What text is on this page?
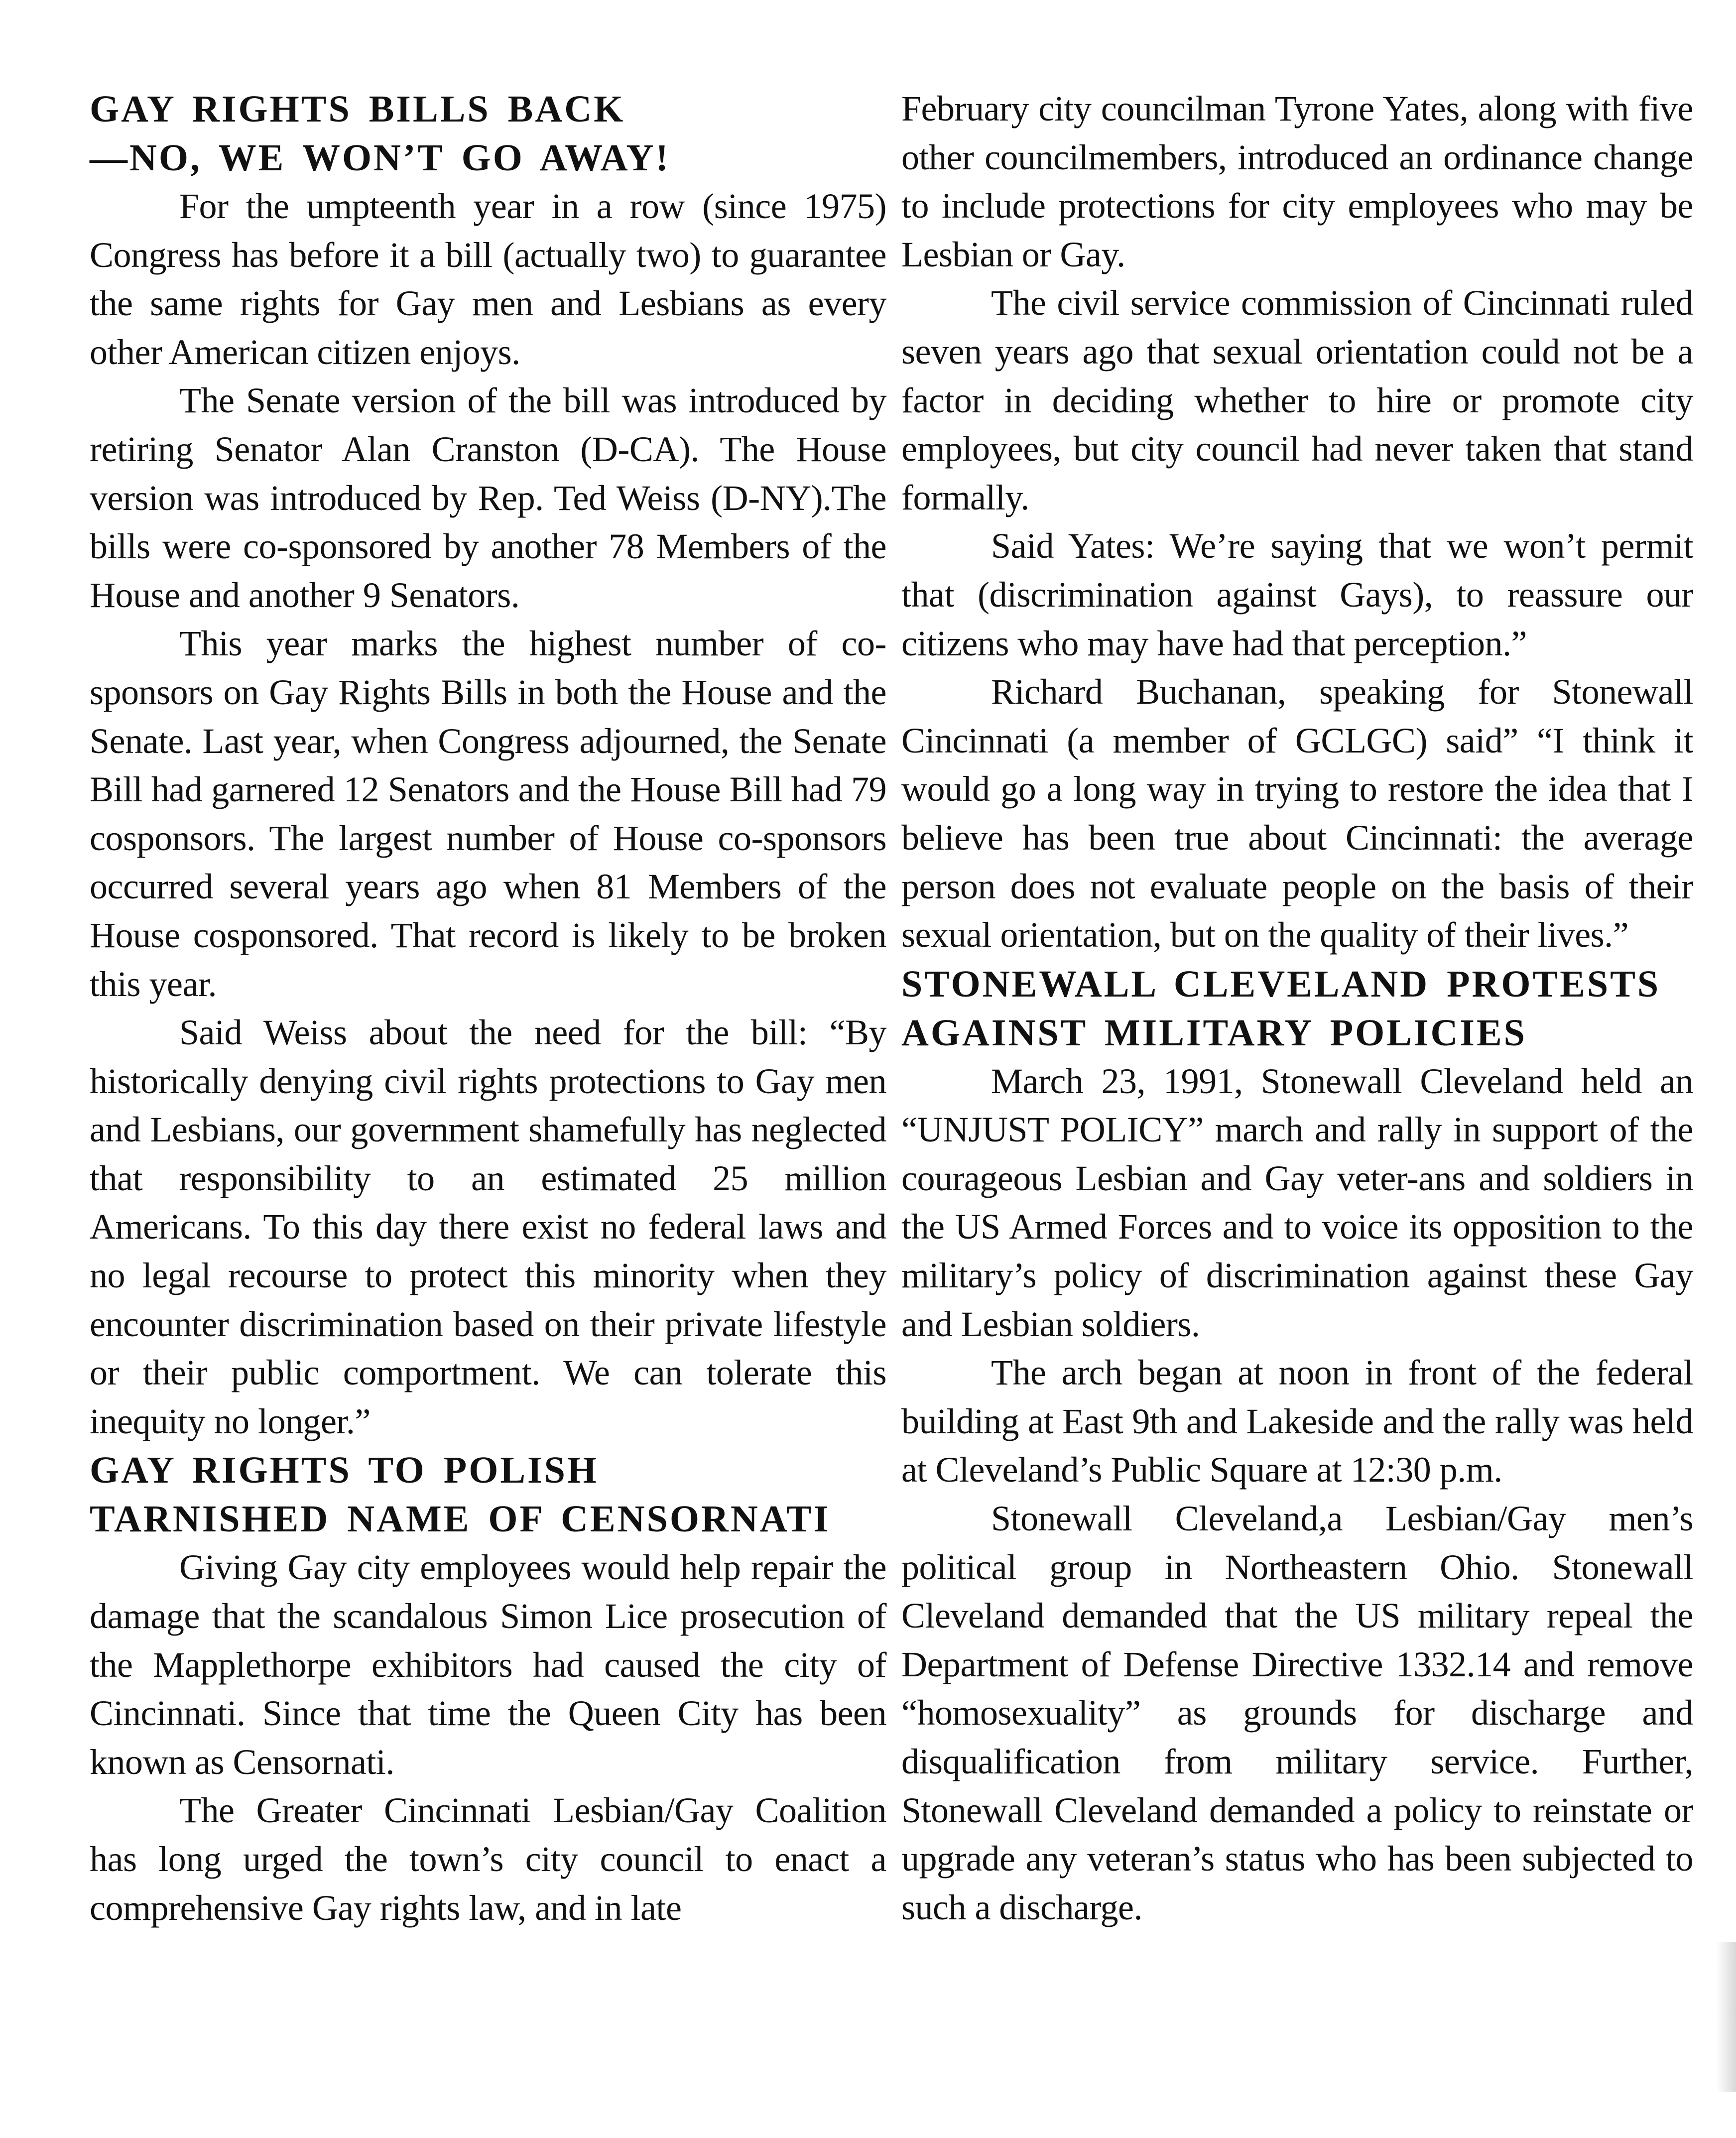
GAY RIGHTS BILLS BACK
—NO, WE WON’T GO AWAY!

For the umpteenth year in a row (since 1975) Congress has before it a bill (actually two) to guarantee the same rights for Gay men and Lesbians as every other American citizen enjoys.

The Senate version of the bill was introduced by retiring Senator Alan Cranston (D-CA). The House version was introduced by Rep. Ted Weiss (D-NY).The bills were co-sponsored by another 78 Members of the House and another 9 Senators.

This year marks the highest number of co-sponsors on Gay Rights Bills in both the House and the Senate. Last year, when Congress adjourned, the Senate Bill had garnered 12 Senators and the House Bill had 79 cosponsors. The largest number of House co-sponsors occurred several years ago when 81 Members of the House cosponsored. That record is likely to be broken this year.

Said Weiss about the need for the bill: “By historically denying civil rights protections to Gay men and Lesbians, our government shamefully has neglected that responsibility to an estimated 25 million Americans. To this day there exist no federal laws and no legal recourse to protect this minority when they encounter discrimination based on their private lifestyle or their public comportment. We can tolerate this inequity no longer.”

GAY RIGHTS TO POLISH
TARNISHED NAME OF CENSORNATI

Giving Gay city employees would help repair the damage that the scandalous Simon Lice prosecution of the Mapplethorpe exhibitors had caused the city of Cincinnati. Since that time the Queen City has been known as Censornati.

The Greater Cincinnati Lesbian/Gay Coalition has long urged the town’s city council to enact a comprehensive Gay rights law, and in late

February city councilman Tyrone Yates, along with five other councilmembers, introduced an ordinance change to include protections for city employees who may be Lesbian or Gay.

The civil service commission of Cincinnati ruled seven years ago that sexual orientation could not be a factor in deciding whether to hire or promote city employees, but city council had never taken that stand formally.

Said Yates: We’re saying that we won’t permit that (discrimination against Gays), to reassure our citizens who may have had that perception.”

Richard Buchanan, speaking for Stonewall Cincinnati (a member of GCLGC) said” “I think it would go a long way in trying to restore the idea that I believe has been true about Cincinnati: the average person does not evaluate people on the basis of their sexual orientation, but on the quality of their lives.”

STONEWALL CLEVELAND PROTESTS
AGAINST MILITARY POLICIES

March 23, 1991, Stonewall Cleveland held an “UNJUST POLICY” march and rally in support of the courageous Lesbian and Gay veter-ans and soldiers in the US Armed Forces and to voice its opposition to the military’s policy of discrimination against these Gay and Lesbian soldiers.

The arch began at noon in front of the federal building at East 9th and Lakeside and the rally was held at Cleveland’s Public Square at 12:30 p.m.

Stonewall Cleveland,a Lesbian/Gay men’s political group in Northeastern Ohio. Stonewall Cleveland demanded that the US military repeal the Department of Defense Directive 1332.14 and remove “homosexuality” as grounds for discharge and disqualification from military service. Further, Stonewall Cleveland demanded a policy to reinstate or upgrade any veteran’s status who has been subjected to such a discharge.
